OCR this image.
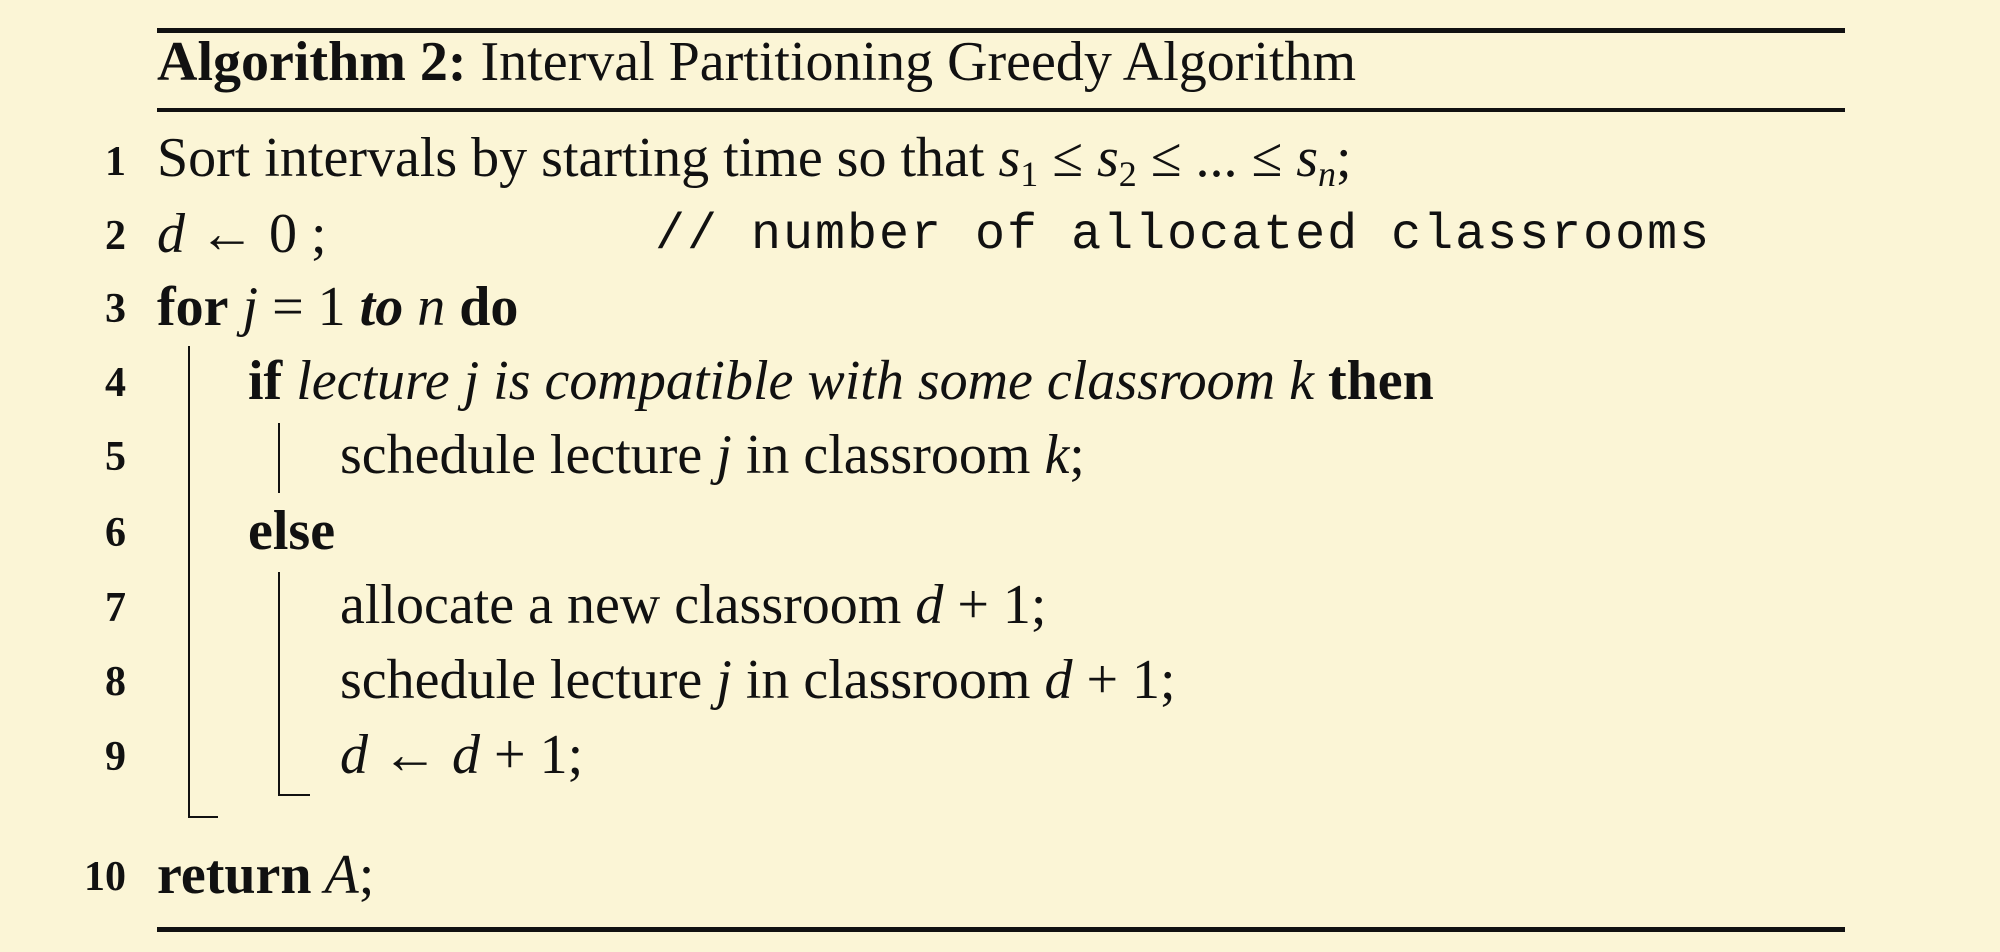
Algorithm 2: Interval Partitioning Greedy Algorithm
1
2
3
4
5
6
7
8
9
10
Sort intervals by starting time so that $s_1 \le s_2$ ≤ ... ≤ $s_n$;
d ← 0 ;	// number of allocated classrooms
for j = 1 to n do
if lecture j is compatible with some classroom k then
schedule lecture j in classroom k;
else
allocate a new classroom d + 1;
schedule lecture j in classroom d + 1;
d ← d + 1;
return A;
